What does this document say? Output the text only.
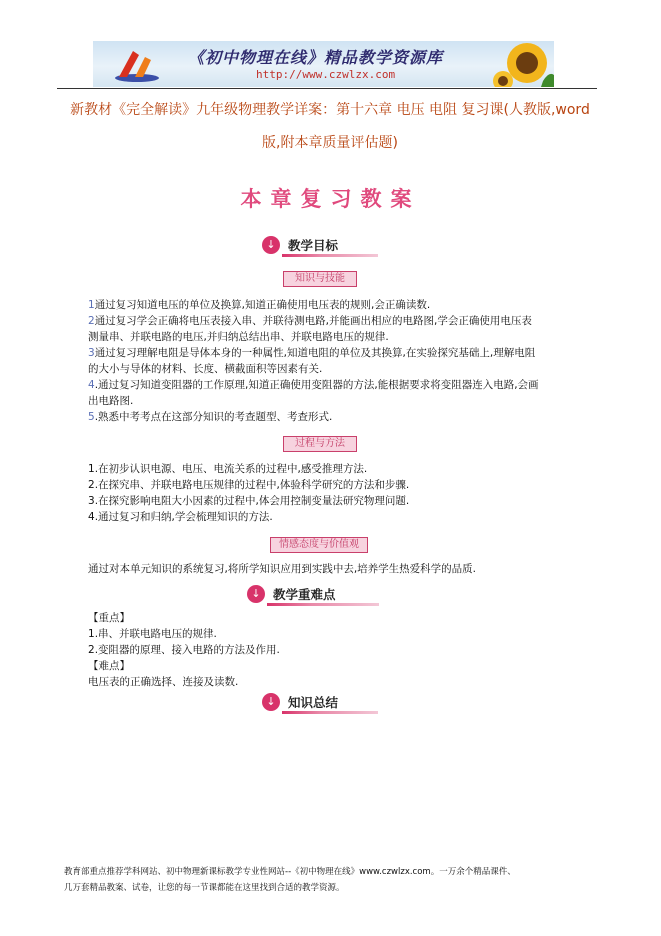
《初中物理在线》精品教学资源库
http://www.czwlzx.com
新教材《完全解读》九年级物理教学详案：第十六章 电压 电阻 复习课(人教版,word 版,附本章质量评估题)
本章复习教案
↓ 教学目标
知识与技能
1通过复习知道电压的单位及换算,知道正确使用电压表的规则,会正确读数.
2通过复习学会正确将电压表接入串、并联待测电路,并能画出相应的电路图,学会正确使用电压表
测量串、并联电路的电压,并归纳总结出串、并联电路电压的规律.
3通过复习理解电阻是导体本身的一种属性,知道电阻的单位及其换算,在实验探究基础上,理解电阻
的大小与导体的材料、长度、横截面积等因素有关.
4.通过复习知道变阻器的工作原理,知道正确使用变阻器的方法,能根据要求将变阻器连入电路,会画
出电路图.
5.熟悉中考考点在这部分知识的考查题型、考查形式.
过程与方法
1.在初步认识电源、电压、电流关系的过程中,感受推理方法.
2.在探究串、并联电路电压规律的过程中,体验科学研究的方法和步骤.
3.在探究影响电阻大小因素的过程中,体会用控制变量法研究物理问题.
4.通过复习和归纳,学会梳理知识的方法.
情感态度与价值观
通过对本单元知识的系统复习,将所学知识应用到实践中去,培养学生热爱科学的品质.
↓ 教学重难点
【重点】
1.串、并联电路电压的规律.
2.变阻器的原理、接入电路的方法及作用.
【难点】
电压表的正确选择、连接及读数.
↓ 知识总结
教育部重点推荐学科网站、初中物理新课标教学专业性网站--《初中物理在线》www.czwlzx.com。一万余个精品课件、
几万套精品教案、试卷，让您的每一节课都能在这里找到合适的教学资源。
